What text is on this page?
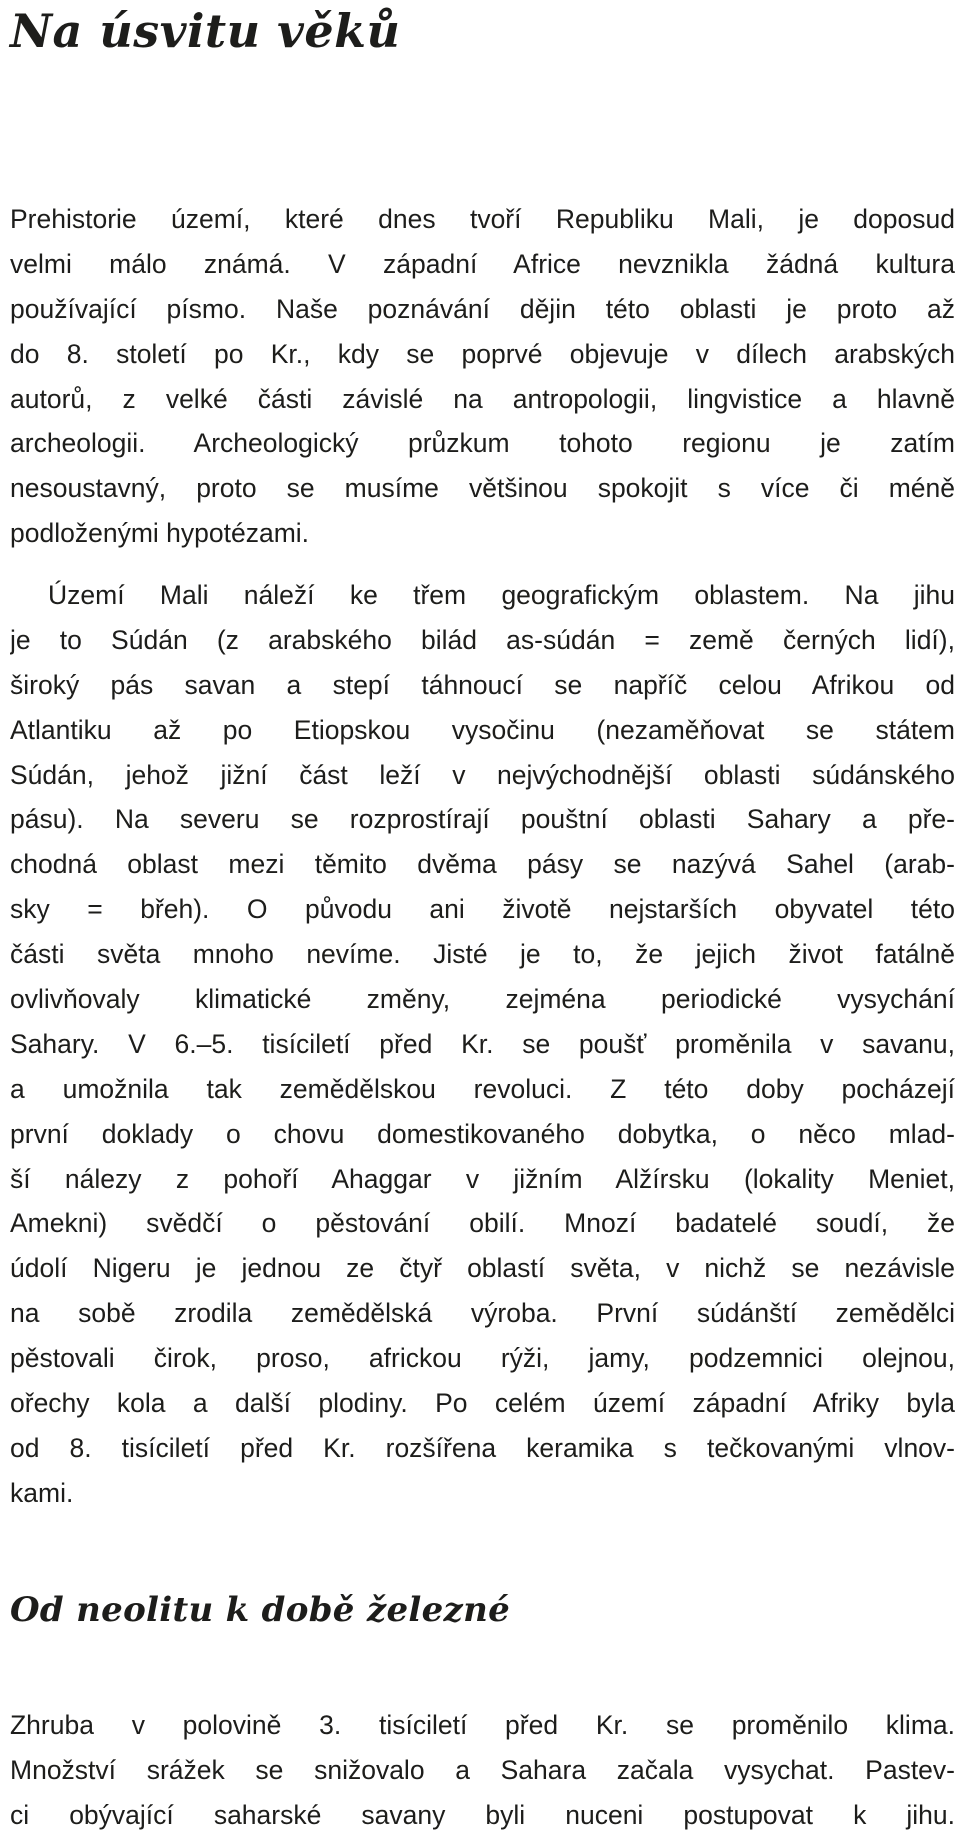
Na úsvitu věků
Prehistorie území, které dnes tvoří Republiku Mali, je doposud
velmi málo známá. V západní Africe nevznikla žádná kultura
používající písmo. Naše poznávání dějin této oblasti je proto až
do 8. století po Kr., kdy se poprvé objevuje v dílech arabských
autorů, z velké části závislé na antropologii, lingvistice a hlavně
archeologii. Archeologický průzkum tohoto regionu je zatím
nesoustavný, proto se musíme většinou spokojit s více či méně
podloženými hypotézami.
Území Mali náleží ke třem geografickým oblastem. Na jihu
je to Súdán (z arabského bilád as-súdán = země černých lidí),
široký pás savan a stepí táhnoucí se napříč celou Afrikou od
Atlantiku až po Etiopskou vysočinu (nezaměňovat se státem
Súdán, jehož jižní část leží v nejvýchodnější oblasti súdánského
pásu). Na severu se rozprostírají pouštní oblasti Sahary a pře-
chodná oblast mezi těmito dvěma pásy se nazývá Sahel (arab-
sky = břeh). O původu ani životě nejstarších obyvatel této
části světa mnoho nevíme. Jisté je to, že jejich život fatálně
ovlivňovaly klimatické změny, zejména periodické vysychání
Sahary. V 6.–5. tisíciletí před Kr. se poušť proměnila v savanu,
a umožnila tak zemědělskou revoluci. Z této doby pocházejí
první doklady o chovu domestikovaného dobytka, o něco mlad-
ší nálezy z pohoří Ahaggar v jižním Alžírsku (lokality Meniet,
Amekni) svědčí o pěstování obilí. Mnozí badatelé soudí, že
údolí Nigeru je jednou ze čtyř oblastí světa, v nichž se nezávisle
na sobě zrodila zemědělská výroba. První súdánští zemědělci
pěstovali čirok, proso, africkou rýži, jamy, podzemnici olejnou,
ořechy kola a další plodiny. Po celém území západní Afriky byla
od 8. tisíciletí před Kr. rozšířena keramika s tečkovanými vlnov-
kami.
Od neolitu k době železné
Zhruba v polovině 3. tisíciletí před Kr. se proměnilo klima.
Množství srážek se snižovalo a Sahara začala vysychat. Pastev-
ci obývající saharské savany byli nuceni postupovat k jihu.
